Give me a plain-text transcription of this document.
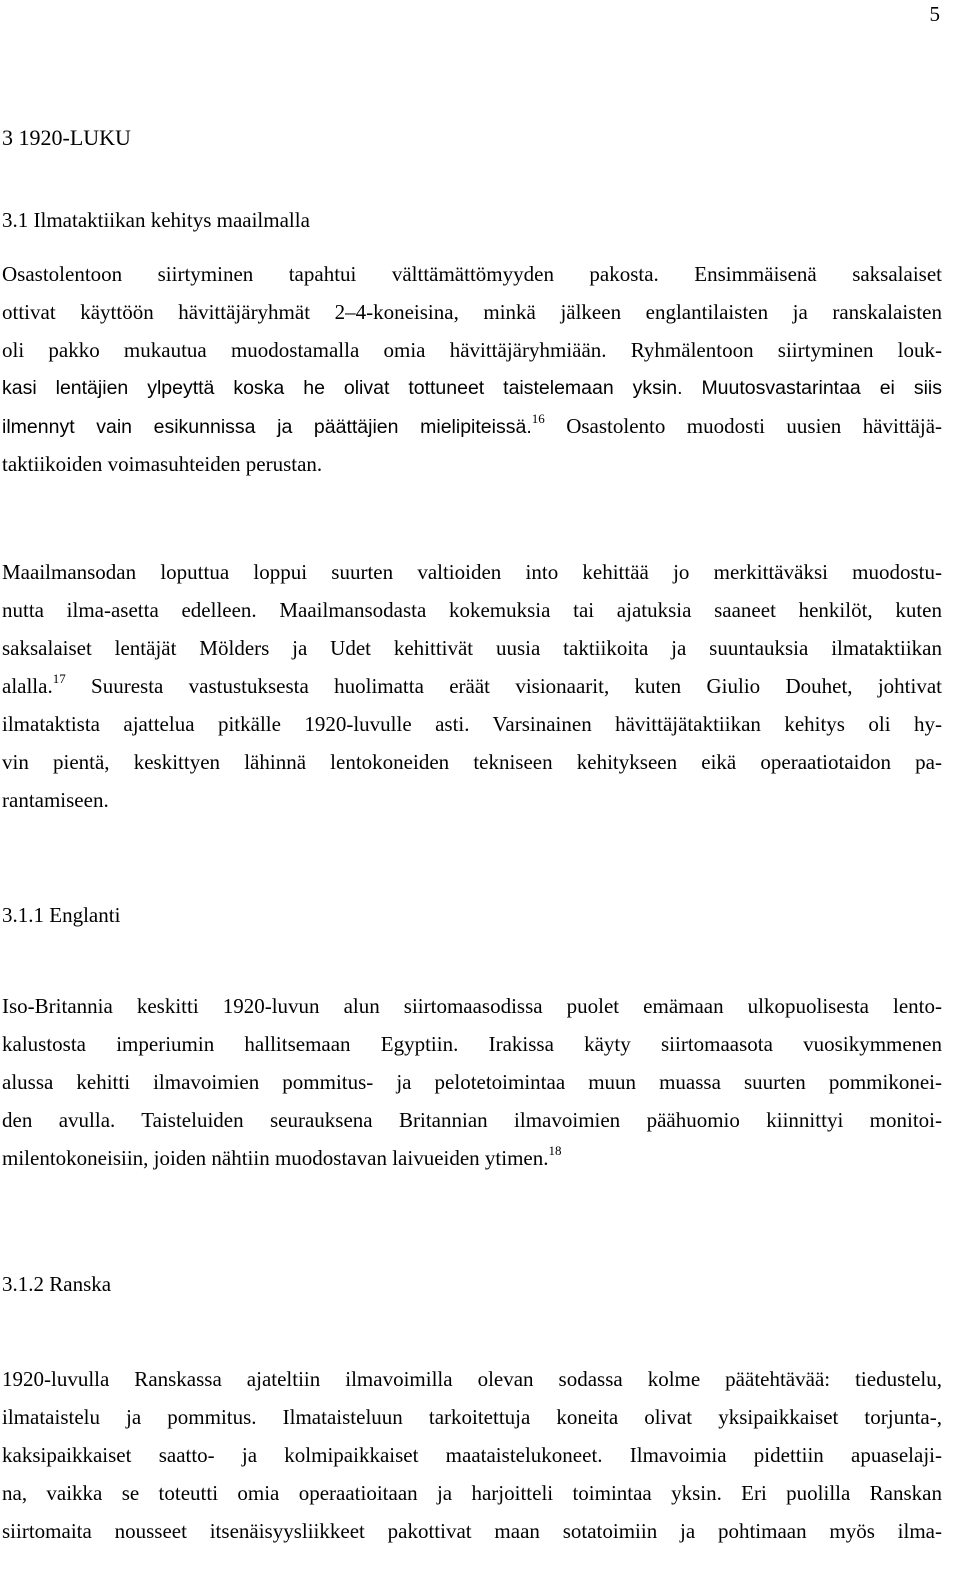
5
3 1920-LUKU
3.1 Ilmataktiikan kehitys maailmalla
Osastolentoon siirtyminen tapahtui välttämättömyyden pakosta. Ensimmäisenä saksalaiset
ottivat käyttöön hävittäjäryhmät 2–4-koneisina, minkä jälkeen englantilaisten ja ranskalaisten
oli pakko mukautua muodostamalla omia hävittäjäryhmiään. Ryhmälentoon siirtyminen louk-
kasi lentäjien ylpeyttä koska he olivat tottuneet taistelemaan yksin. Muutosvastarintaa ei siis
ilmennyt vain esikunnissa ja päättäjien mielipiteissä.$^{16}$ Osastolento muodosti uusien hävittäjä-
taktiikoiden voimasuhteiden perustan.
Maailmansodan loputtua loppui suurten valtioiden into kehittää jo merkittäväksi muodostu-
nutta ilma-asetta edelleen. Maailmansodasta kokemuksia tai ajatuksia saaneet henkilöt, kuten
saksalaiset lentäjät Mölders ja Udet kehittivät uusia taktiikoita ja suuntauksia ilmataktiikan
alalla.$^{17}$ Suuresta vastustuksesta huolimatta eräät visionaarit, kuten Giulio Douhet, johtivat
ilmataktista ajattelua pitkälle 1920-luvulle asti. Varsinainen hävittäjätaktiikan kehitys oli hy-
vin pientä, keskittyen lähinnä lentokoneiden tekniseen kehitykseen eikä operaatiotaidon pa-
rantamiseen.
3.1.1 Englanti
Iso-Britannia keskitti 1920-luvun alun siirtomaasodissa puolet emämaan ulkopuolisesta lento-
kalustosta imperiumin hallitsemaan Egyptiin. Irakissa käyty siirtomaasota vuosikymmenen
alussa kehitti ilmavoimien pommitus- ja pelotetoimintaa muun muassa suurten pommikonei-
den avulla. Taisteluiden seurauksena Britannian ilmavoimien päähuomio kiinnittyi monitoi-
milentokoneisiin, joiden nähtiin muodostavan laivueiden ytimen.$^{18}$
3.1.2 Ranska
1920-luvulla Ranskassa ajateltiin ilmavoimilla olevan sodassa kolme päätehtävää: tiedustelu,
ilmataistelu ja pommitus. Ilmataisteluun tarkoitettuja koneita olivat yksipaikkaiset torjunta-,
kaksipaikkaiset saatto- ja kolmipaikkaiset maataistelukoneet. Ilmavoimia pidettiin apuaselaji-
na, vaikka se toteutti omia operaatioitaan ja harjoitteli toimintaa yksin. Eri puolilla Ranskan
siirtomaita nousseet itsenäisyysliikkeet pakottivat maan sotatoimiin ja pohtimaan myös ilma-
